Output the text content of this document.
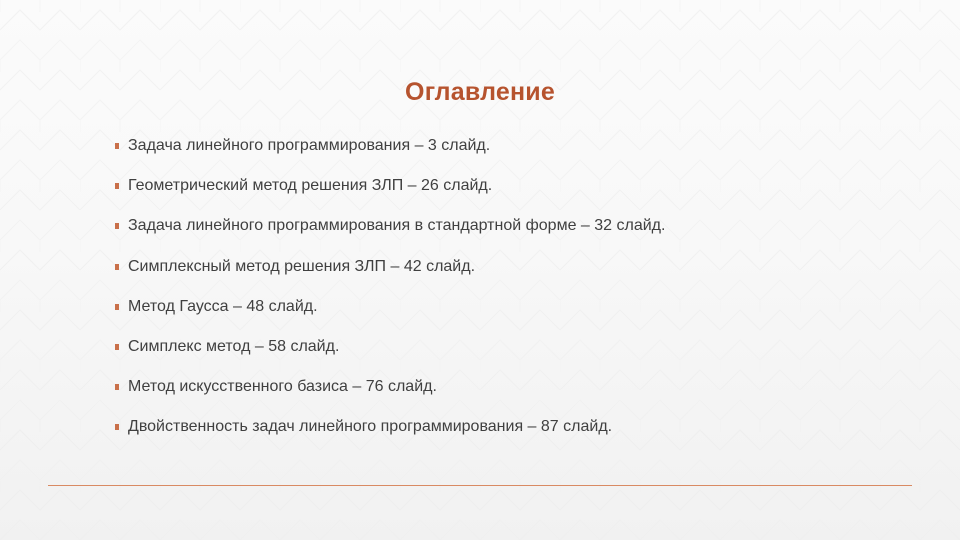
Оглавление
Задача линейного программирования – 3 слайд.
Геометрический метод решения ЗЛП – 26 слайд.
Задача линейного программирования в стандартной форме – 32 слайд.
Симплексный метод решения ЗЛП – 42 слайд.
Метод Гаусса – 48 слайд.
Симплекс метод – 58 слайд.
Метод искусственного базиса – 76 слайд.
Двойственность задач линейного программирования – 87 слайд.
